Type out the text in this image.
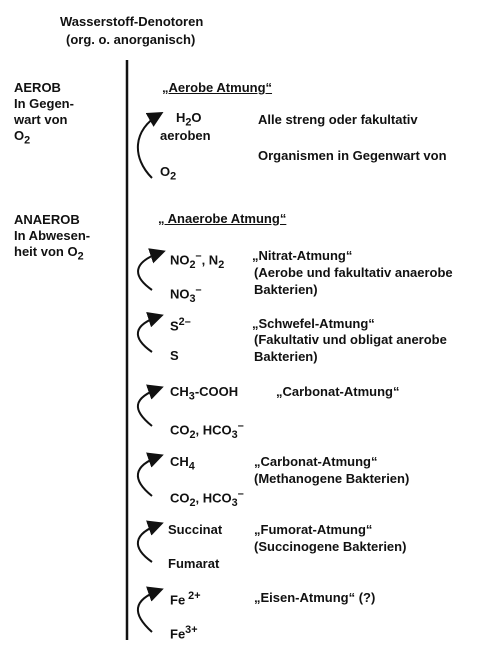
Wasserstoff-Denotoren
(org. o. anorganisch)
AEROB
In Gegen-
wart von
$O_2$
ANAEROB
In Abwesen-
heit von $O_2$
„Aerobe Atmung“
$H_2O$
aeroben
$O_2$
Alle streng oder fakultativ
Organismen in Gegenwart von
„ Anaerobe Atmung“
$NO_2^-$, $N_2$
$NO_3^-$
„Nitrat-Atmung“
(Aerobe und fakultativ anaerobe
Bakterien)
$S^{2-}$
S
„Schwefel-Atmung“
(Fakultativ und obligat anerobe
Bakterien)
$CH_3$-COOH
$CO_2$, $HCO_3^-$
„Carbonat-Atmung“
$CH_4$
$CO_2$, $HCO_3^-$
„Carbonat-Atmung“
(Methanogene Bakterien)
Succinat
Fumarat
„Fumorat-Atmung“
(Succinogene Bakterien)
Fe $^{2+}$
$Fe^{3+}$
„Eisen-Atmung“ (?)
